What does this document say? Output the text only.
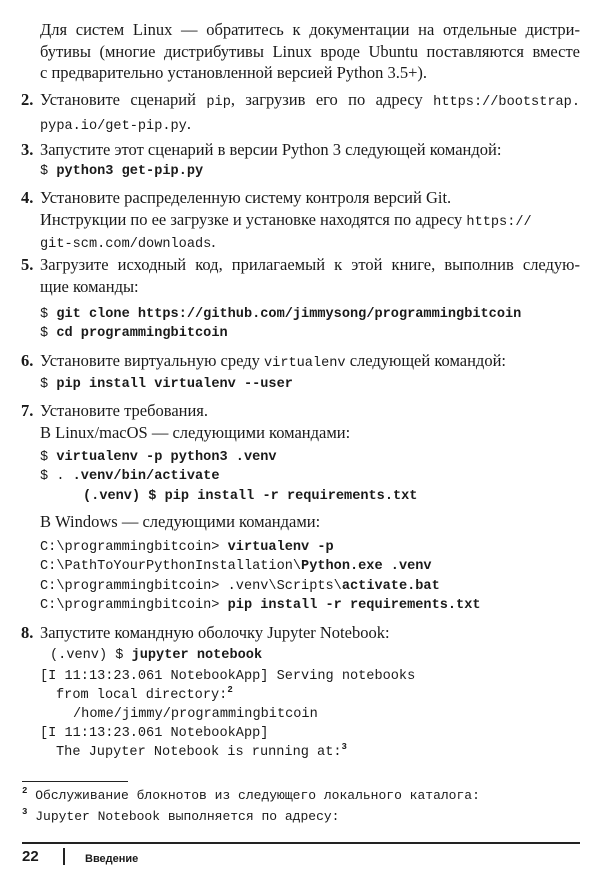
Для систем Linux — обратитесь к документации на отдельные дистри-
бутивы (многие дистрибутивы Linux вроде Ubuntu поставляются вместе
с предварительно установленной версией Python 3.5+).
2. Установите сценарий pip, загрузив его по адресу https://bootstrap.
pypa.io/get-pip.py.
3. Запустите этот сценарий в версии Python 3 следующей командой:
$ python3 get-pip.py
4. Установите распределенную систему контроля версий Git.
Инструкции по ее загрузке и установке находятся по адресу https://
git-scm.com/downloads.
5. Загрузите исходный код, прилагаемый к этой книге, выполнив следую-
щие команды:
$ git clone https://github.com/jimmysong/programmingbitcoin
$ cd programmingbitcoin
6. Установите виртуальную среду virtualenv следующей командой:
$ pip install virtualenv --user
7. Установите требования.
В Linux/macOS — следующими командами:
$ virtualenv -p python3 .venv
$ . .venv/bin/activate
(.venv) $ pip install -r requirements.txt
В Windows — следующими командами:
C:\programmingbitcoin> virtualenv -p
C:\PathToYourPythonInstallation\Python.exe .venv
C:\programmingbitcoin> .venv\Scripts\activate.bat
C:\programmingbitcoin> pip install -r requirements.txt
8. Запустите командную оболочку Jupyter Notebook:
(.venv) $ jupyter notebook
[I 11:13:23.061 NotebookApp] Serving notebooks
from local directory:$^2$
/home/jimmy/programmingbitcoin
[I 11:13:23.061 NotebookApp]
The Jupyter Notebook is running at:$^3$
$^2$ Обслуживание блокнотов из следующего локального каталога:
$^3$ Jupyter Notebook выполняется по адресу:
22	Введение
